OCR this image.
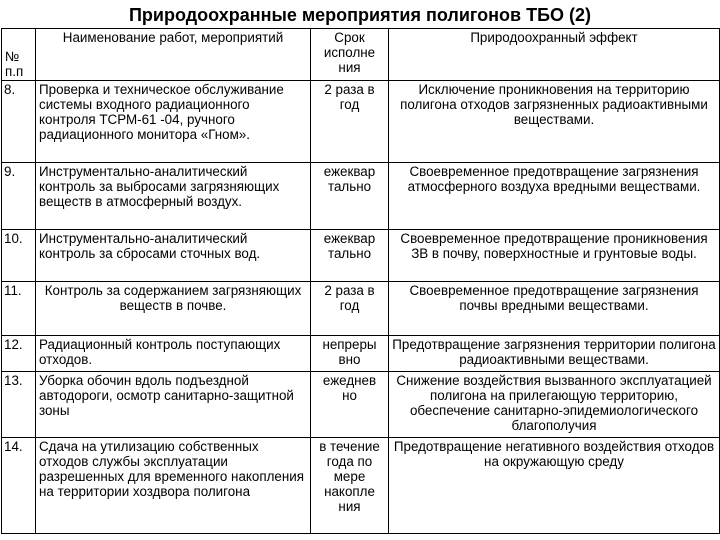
Природоохранные мероприятия полигонов ТБО (2)
№ п.п	Наименование работ, мероприятий	Срок исполне ния	Природоохранный эффект
8.	Проверка и техническое обслуживание системы входного радиационного контроля ТСРМ-61 -04, ручного радиационного монитора «Гном».	2 раза в год	Исключение проникновения на территорию полигона отходов загрязненных радиоактивными веществами.
9.	Инструментально-аналитический контроль за выбросами загрязняющих веществ в атмосферный воздух.	ежеквар тально	Своевременное предотвращение загрязнения атмосферного воздуха вредными веществами.
10.	Инструментально-аналитический контроль за сбросами сточных вод.	ежеквар тально	Своевременное предотвращение проникновения ЗВ в почву, поверхностные и грунтовые воды.
11.	Контроль за содержанием загрязняющих веществ в почве.	2 раза в год	Своевременное предотвращение загрязнения почвы вредными веществами.
12.	Радиационный контроль поступающих отходов.	непреры вно	Предотвращение загрязнения территории полигона радиоактивными веществами.
13.	Уборка обочин вдоль подъездной автодороги, осмотр санитарно-защитной зоны	ежеднев но	Снижение воздействия вызванного эксплуатацией полигона на прилегающую территорию, обеспечение санитарно-эпидемиологического благополучия
14.	Сдача на утилизацию собственных отходов службы эксплуатации разрешенных для временного накопления на территории хоздвора полигона	в течение года по мере накопле ния	Предотвращение негативного воздействия отходов на окружающую среду
